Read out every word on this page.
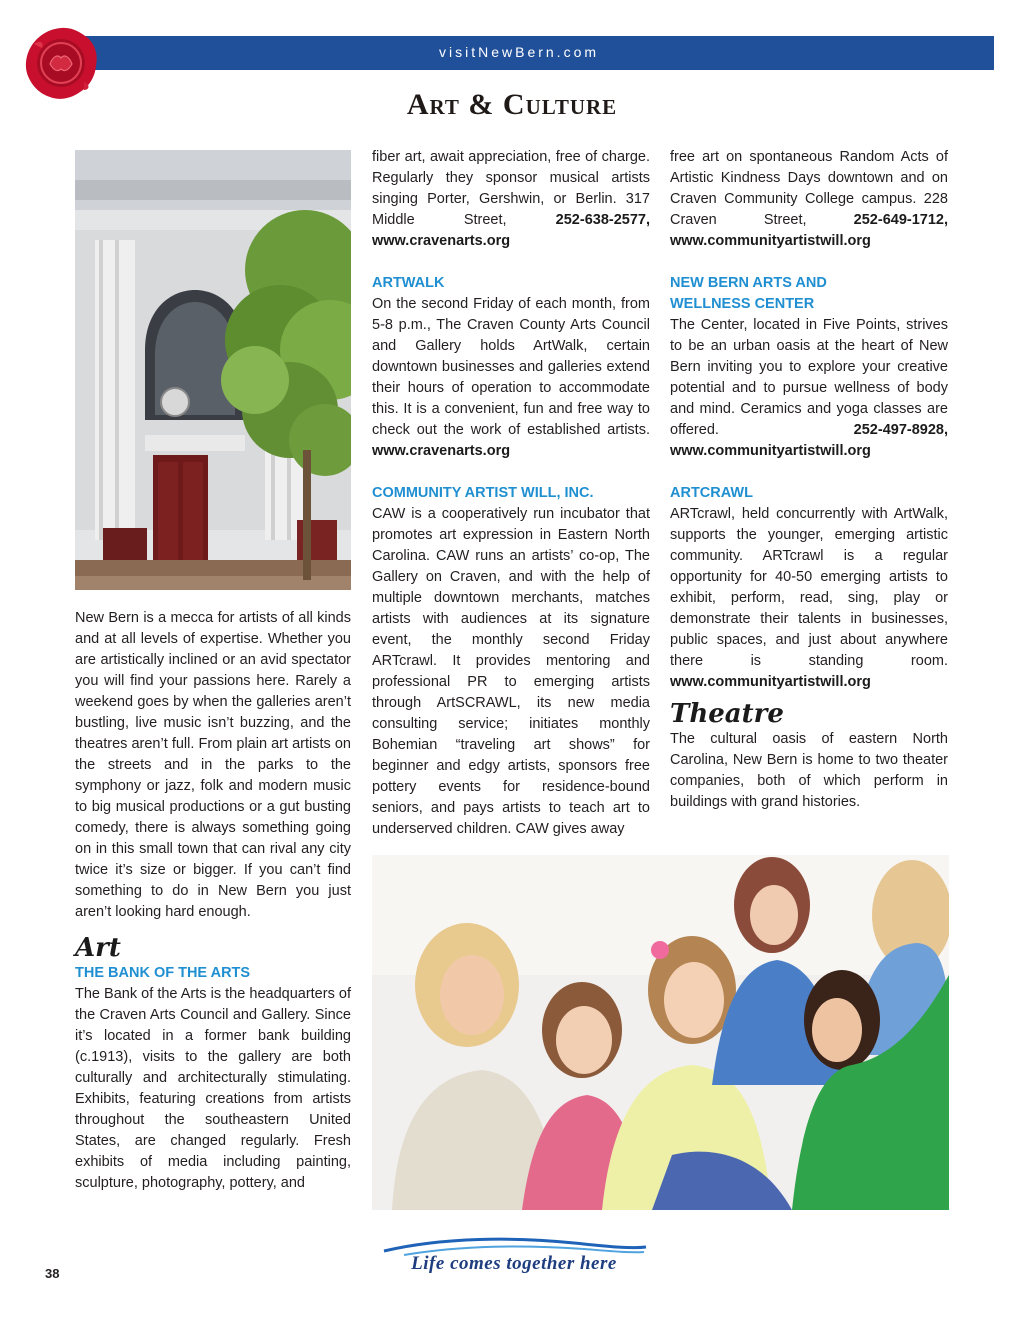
visitNewBern.com
Art & Culture

New Bern is a mecca for artists of all kinds and at all levels of expertise. Whether you are artistically inclined or an avid spectator you will find your passions here. Rarely a weekend goes by when the galleries aren’t bustling, live music isn’t buzzing, and the theatres aren’t full. From plain art artists on the streets and in the parks to the symphony or jazz, folk and modern music to big musical productions or a gut busting comedy, there is always something going on in this small town that can rival any city twice it’s size or bigger. If you can’t find something to do in New Bern you just aren’t looking hard enough.

Art

THE BANK OF THE ARTS

The Bank of the Arts is the headquarters of the Craven Arts Council and Gallery. Since it’s located in a former bank building (c.1913), visits to the gallery are both culturally and architecturally stimulating. Exhibits, featuring creations from artists throughout the southeastern United States, are changed regularly. Fresh exhibits of media including painting, sculpture, photography, pottery, and

fiber art, await appreciation, free of charge. Regularly they sponsor musical artists singing Porter, Gershwin, or Berlin. 317 Middle Street,	252-638-2577, www.cravenarts.org

ARTWALK

On the second Friday of each month, from 5-8 p.m., The Craven County Arts Council and Gallery holds ArtWalk, certain downtown businesses and galleries extend their hours of operation to accommodate this. It is a convenient, fun and free way to check out the work of established artists. www.cravenarts.org

COMMUNITY ARTIST WILL, INC.

CAW is a cooperatively run incubator that promotes art expression in Eastern North Carolina. CAW runs an artists’ co-op, The Gallery on Craven, and with the help of multiple downtown merchants, matches artists with audiences at its signature event, the monthly second Friday ARTcrawl. It provides mentoring and professional PR to emerging artists through ArtSCRAWL, its new media consulting service; initiates monthly Bohemian “traveling art shows” for beginner and edgy artists, sponsors free pottery events for residence-bound seniors, and pays artists to teach art to underserved children. CAW gives away

free art on spontaneous Random Acts of Artistic Kindness Days downtown and on Craven Community College campus. 228 Craven Street,	252-649-1712, www.communityartistwill.org

NEW BERN ARTS AND

WELLNESS CENTER

The Center, located in Five Points, strives to be an urban oasis at the heart of New Bern inviting you to explore your creative potential and to pursue wellness of body and mind. Ceramics and yoga classes are offered.	252-497-8928, www.communityartistwill.org

ARTCRAWL

ARTcrawl, held concurrently with ArtWalk, supports the younger, emerging artistic community. ARTcrawl is a regular opportunity for 40-50 emerging artists to exhibit, perform, read, sing, play or demonstrate their talents in businesses, public spaces, and just about anywhere there is standing room. www.communityartistwill.org

Theatre

The cultural oasis of eastern North Carolina, New Bern is home to two theater companies, both of which perform in buildings with grand histories.

Life comes together here
38
